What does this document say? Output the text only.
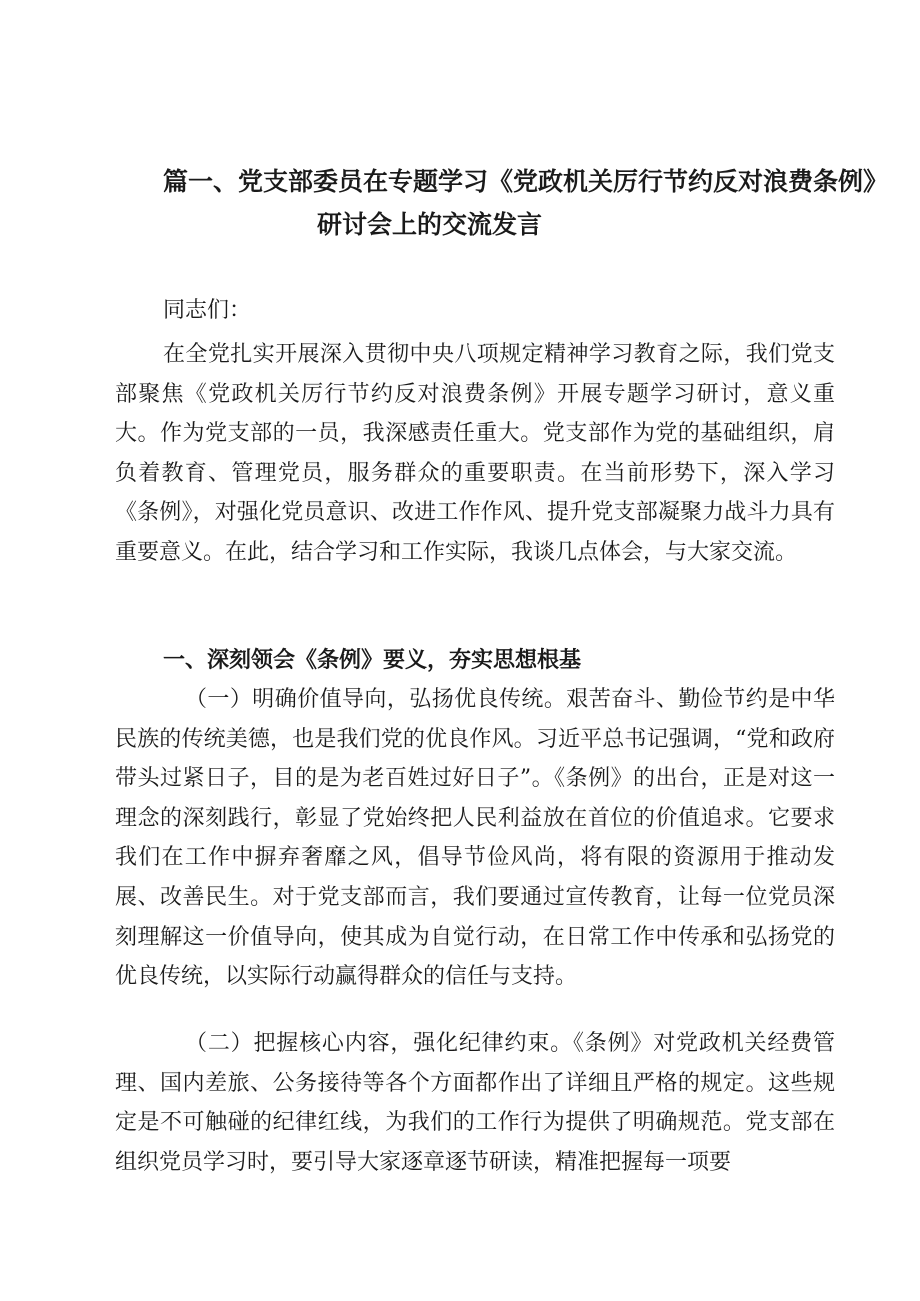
篇一、党支部委员在专题学习《党政机关厉行节约反对浪费条例》
研讨会上的交流发言
同志们：

在全党扎实开展深入贯彻中央八项规定精神学习教育之际，我们党支部聚焦《党政机关厉行节约反对浪费条例》开展专题学习研讨，意义重大。作为党支部的一员，我深感责任重大。党支部作为党的基础组织，肩负着教育、管理党员，服务群众的重要职责。在当前形势下，深入学习《条例》，对强化党员意识、改进工作作风、提升党支部凝聚力战斗力具有重要意义。在此，结合学习和工作实际，我谈几点体会，与大家交流。

一、深刻领会《条例》要义，夯实思想根基

（一）明确价值导向，弘扬优良传统。艰苦奋斗、勤俭节约是中华民族的传统美德，也是我们党的优良作风。习近平总书记强调，“党和政府带头过紧日子，目的是为老百姓过好日子”。《条例》的出台，正是对这一理念的深刻践行，彰显了党始终把人民利益放在首位的价值追求。它要求我们在工作中摒弃奢靡之风，倡导节俭风尚，将有限的资源用于推动发展、改善民生。对于党支部而言，我们要通过宣传教育，让每一位党员深刻理解这一价值导向，使其成为自觉行动，在日常工作中传承和弘扬党的优良传统，以实际行动赢得群众的信任与支持。

（二）把握核心内容，强化纪律约束。《条例》对党政机关经费管理、国内差旅、公务接待等各个方面都作出了详细且严格的规定。这些规定是不可触碰的纪律红线，为我们的工作行为提供了明确规范。党支部在组织党员学习时，要引导大家逐章逐节研读，精准把握每一项要
